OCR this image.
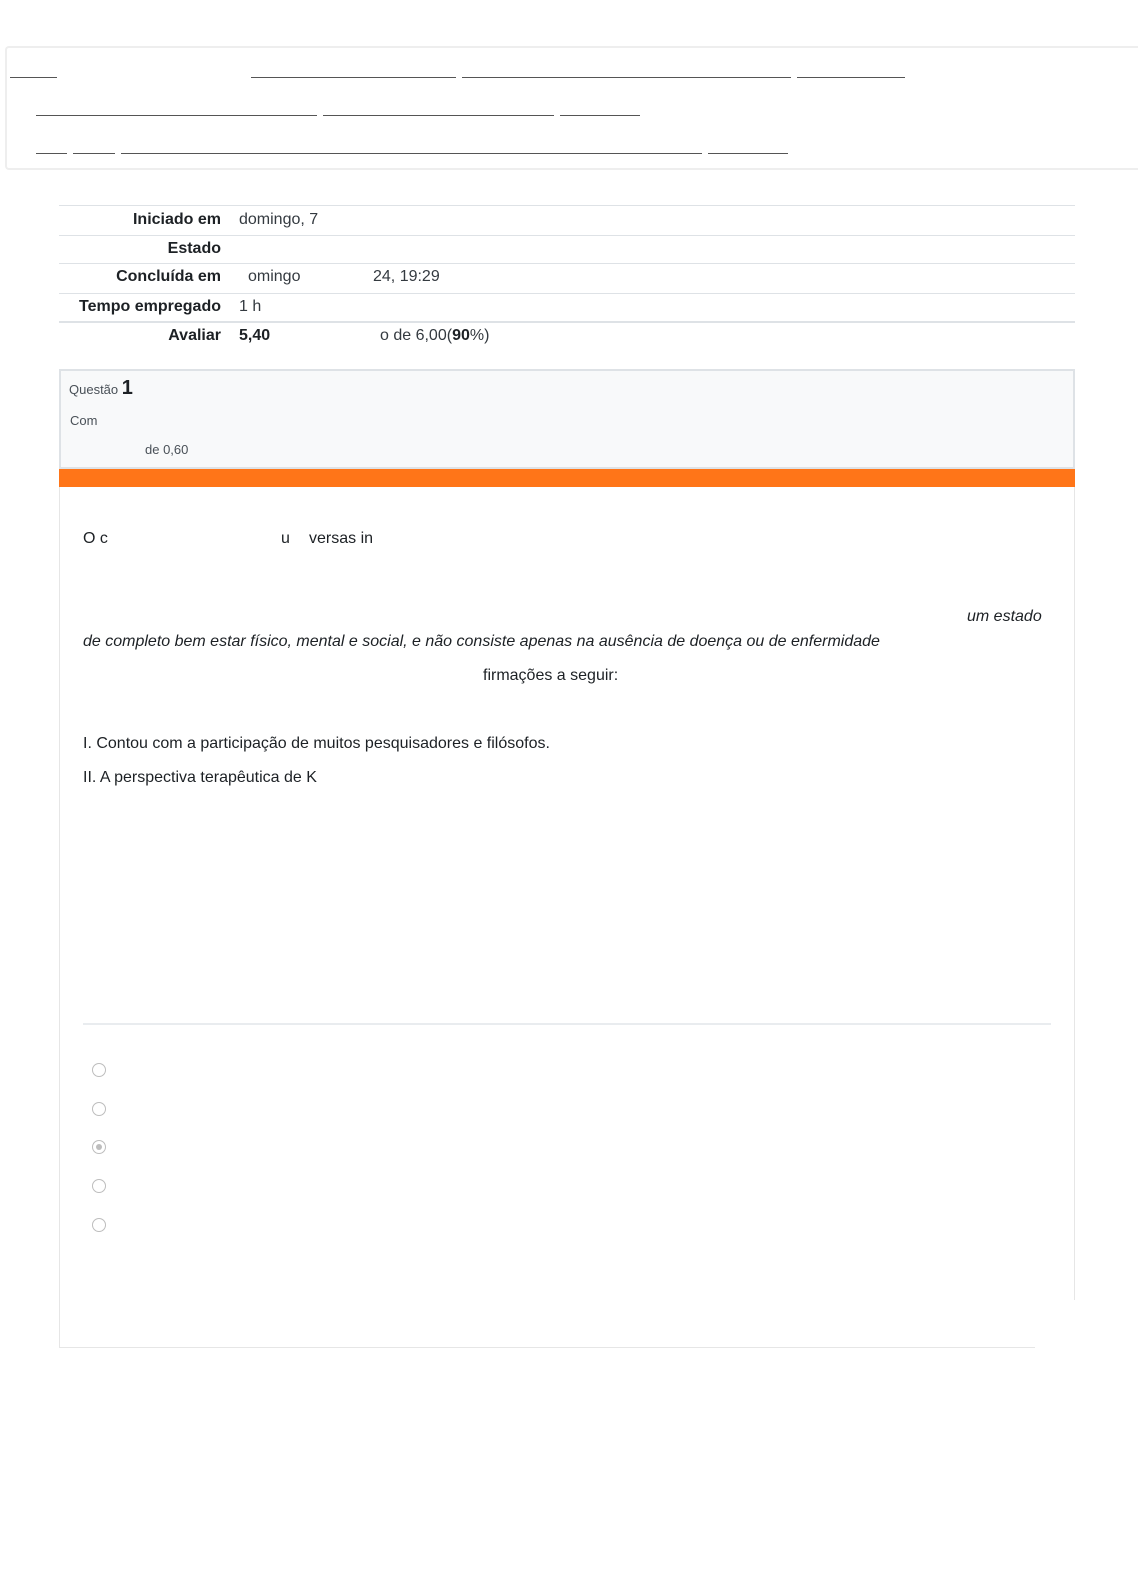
Iniciado em domingo, 7
Estado
Concluída em omingo	24, 19:29
Tempo empregado 1 h
Avaliar 5,40	o de 6,00(90%)
Questão 1
Com
de 0,60
O c	u versas in
um estado
de completo bem estar físico, mental e social, e não consiste apenas na ausência de doença ou de enfermidade
firmações a seguir:
I. Contou com a participação de muitos pesquisadores e filósofos.
II. A perspectiva terapêutica de K
